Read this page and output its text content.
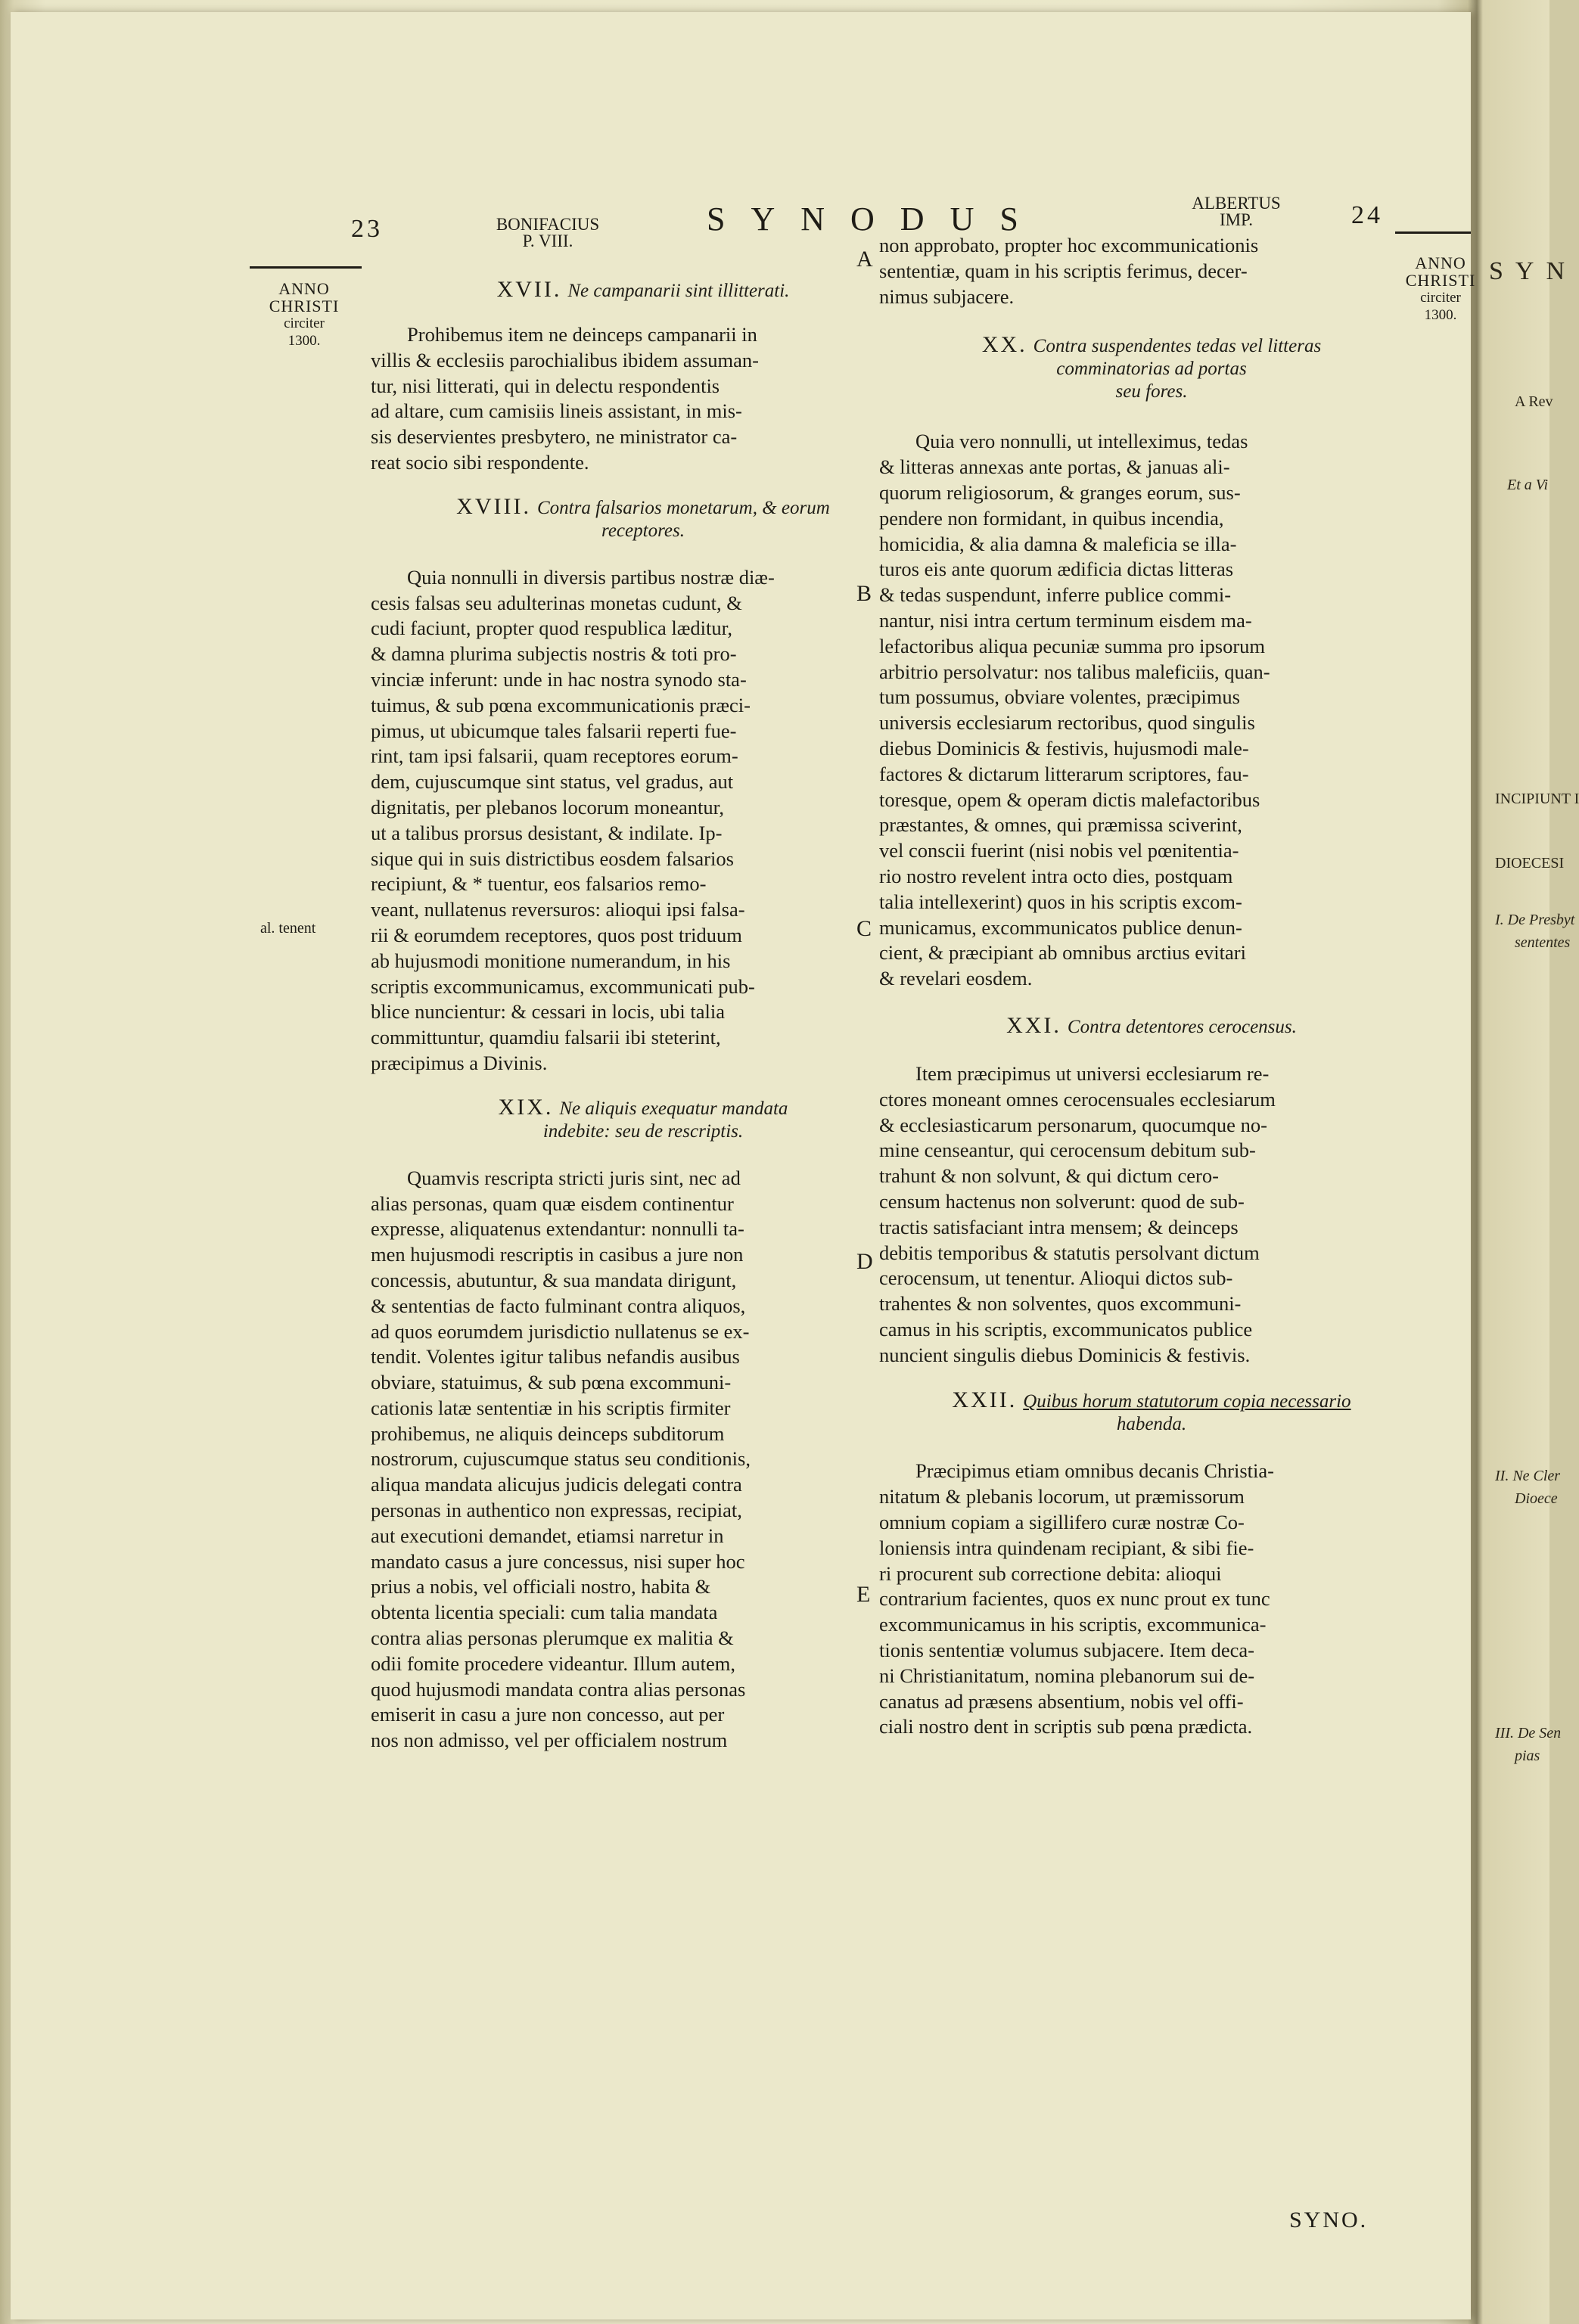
23	BONIFACIUS
P. VIII.
SYNODUS	ALBERTUS
IMP.	24
ANNO
CHRISTI
circiter
1300.
ANNO
CHRISTI
circiter
1300.
al. tenent
A
B
C
D
E
XVII. Ne campanarii sint illitterati.

Prohibemus item ne deinceps campanarii in

villis & ecclesiis parochialibus ibidem assuman-

tur, nisi litterati, qui in delectu respondentis

ad altare, cum camisiis lineis assistant, in mis-

sis deservientes presbytero, ne ministrator ca-

reat socio sibi respondente.

XVIII. Contra falsarios monetarum, & eorum
receptores.

Quia nonnulli in diversis partibus nostræ diæ-

cesis falsas seu adulterinas monetas cudunt, &

cudi faciunt, propter quod respublica læditur,

& damna plurima subjectis nostris & toti pro-

vinciæ inferunt: unde in hac nostra synodo sta-

tuimus, & sub pœna excommunicationis præci-

pimus, ut ubicumque tales falsarii reperti fue-

rint, tam ipsi falsarii, quam receptores eorum-

dem, cujuscumque sint status, vel gradus, aut

dignitatis, per plebanos locorum moneantur,

ut a talibus prorsus desistant, & indilate. Ip-

sique qui in suis districtibus eosdem falsarios

recipiunt, & * tuentur, eos falsarios remo-

veant, nullatenus reversuros: alioqui ipsi falsa-

rii & eorumdem receptores, quos post triduum

ab hujusmodi monitione numerandum, in his

scriptis excommunicamus, excommunicati pub-

blice nuncientur: & cessari in locis, ubi talia

committuntur, quamdiu falsarii ibi steterint,

præcipimus a Divinis.

XIX. Ne aliquis exequatur mandata
indebite: seu de rescriptis.

Quamvis rescripta stricti juris sint, nec ad

alias personas, quam quæ eisdem continentur

expresse, aliquatenus extendantur: nonnulli ta-

men hujusmodi rescriptis in casibus a jure non

concessis, abutuntur, & sua mandata dirigunt,

& sententias de facto fulminant contra aliquos,

ad quos eorumdem jurisdictio nullatenus se ex-

tendit. Volentes igitur talibus nefandis ausibus

obviare, statuimus, & sub pœna excommuni-

cationis latæ sententiæ in his scriptis firmiter

prohibemus, ne aliquis deinceps subditorum

nostrorum, cujuscumque status seu conditionis,

aliqua mandata alicujus judicis delegati contra

personas in authentico non expressas, recipiat,

aut executioni demandet, etiamsi narretur in

mandato casus a jure concessus, nisi super hoc

prius a nobis, vel officiali nostro, habita &

obtenta licentia speciali: cum talia mandata

contra alias personas plerumque ex malitia &

odii fomite procedere videantur. Illum autem,

quod hujusmodi mandata contra alias personas

emiserit in casu a jure non concesso, aut per

nos non admisso, vel per officialem nostrum

non approbato, propter hoc excommunicationis

sententiæ, quam in his scriptis ferimus, decer-

nimus subjacere.

XX. Contra suspendentes tedas vel litteras
comminatorias ad portas
seu fores.

Quia vero nonnulli, ut intelleximus, tedas

& litteras annexas ante portas, & januas ali-

quorum religiosorum, & granges eorum, sus-

pendere non formidant, in quibus incendia,

homicidia, & alia damna & maleficia se illa-

turos eis ante quorum ædificia dictas litteras

& tedas suspendunt, inferre publice commi-

nantur, nisi intra certum terminum eisdem ma-

lefactoribus aliqua pecuniæ summa pro ipsorum

arbitrio persolvatur: nos talibus maleficiis, quan-

tum possumus, obviare volentes, præcipimus

universis ecclesiarum rectoribus, quod singulis

diebus Dominicis & festivis, hujusmodi male-

factores & dictarum litterarum scriptores, fau-

toresque, opem & operam dictis malefactoribus

præstantes, & omnes, qui præmissa sciverint,

vel conscii fuerint (nisi nobis vel pœnitentia-

rio nostro revelent intra octo dies, postquam

talia intellexerint) quos in his scriptis excom-

municamus, excommunicatos publice denun-

cient, & præcipiant ab omnibus arctius evitari

& revelari eosdem.

XXI. Contra detentores cerocensus.

Item præcipimus ut universi ecclesiarum re-

ctores moneant omnes cerocensuales ecclesiarum

& ecclesiasticarum personarum, quocumque no-

mine censeantur, qui cerocensum debitum sub-

trahunt & non solvunt, & qui dictum cero-

censum hactenus non solverunt: quod de sub-

tractis satisfaciant intra mensem; & deinceps

debitis temporibus & statutis persolvant dictum

cerocensum, ut tenentur. Alioqui dictos sub-

trahentes & non solventes, quos excommuni-

camus in his scriptis, excommunicatos publice

nuncient singulis diebus Dominicis & festivis.

XXII. Quibus horum statutorum copia necessario
habenda.

Præcipimus etiam omnibus decanis Christia-

nitatum & plebanis locorum, ut præmissorum

omnium copiam a sigillifero curæ nostræ Co-

loniensis intra quindenam recipiant, & sibi fie-

ri procurent sub correctione debita: alioqui

contrarium facientes, quos ex nunc prout ex tunc

excommunicamus in his scriptis, excommunica-

tionis sententiæ volumus subjacere. Item deca-

ni Christianitatum, nomina plebanorum sui de-

canatus ad præsens absentium, nobis vel offi-

ciali nostro dent in scriptis sub pœna prædicta.

SYNO.
SYN
A Rev
Et a Vi
INCIPIUNT I
DIOECESI
I. De Presbyt
sententes
II. Ne Cler
Dioece
III. De Sen
pias
